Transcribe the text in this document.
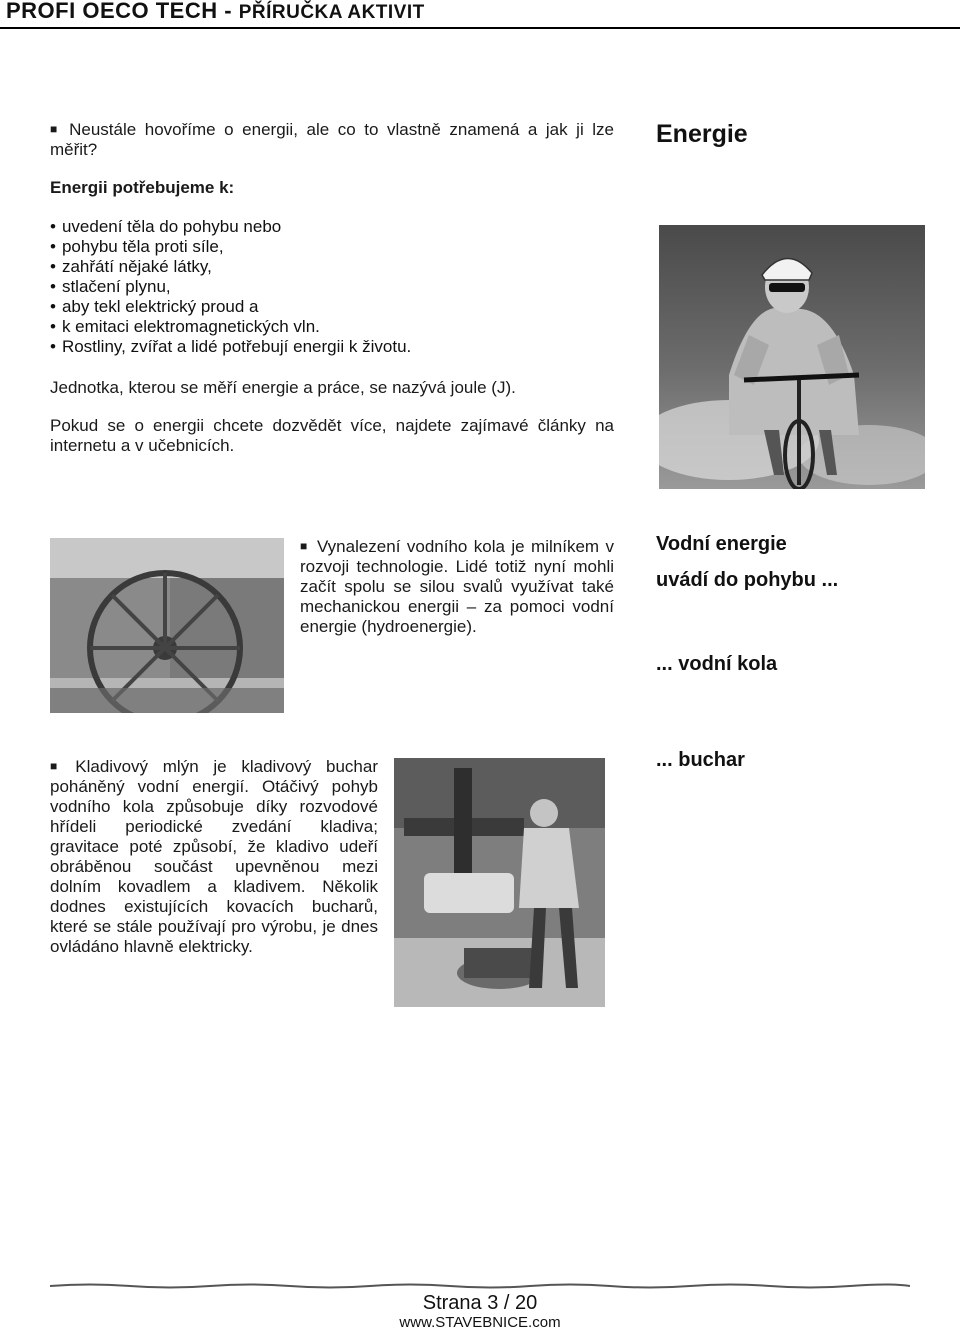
PROFI OECO TECH - PŘÍRUČKA AKTIVIT
■ Neustále hovoříme o energii, ale co to vlastně znamená a jak ji lze měřit?
Energie
Energii potřebujeme k:
• uvedení těla do pohybu nebo
• pohybu těla proti síle,
• zahřátí nějaké látky,
• stlačení plynu,
• aby tekl elektrický proud a
• k emitaci elektromagnetických vln.
• Rostliny, zvířat a lidé potřebují energii k životu.
Jednotka, kterou se měří energie a práce, se nazývá joule (J).
Pokud se o energii chcete dozvědět více, najdete zajímavé články na internetu a v učebnicích.
■ Vynalezení vodního kola je milníkem v rozvoji technologie. Lidé totiž nyní mohli začít spolu se silou svalů využívat také mechanickou energii – za pomoci vodní energie (hydroenergie).
Vodní energie
uvádí do pohybu ...
... vodní kola
■ Kladivový mlýn je kladivový buchar poháněný vodní energií. Otáčivý pohyb vodního kola způsobuje díky rozvodové hřídeli periodické zvedání kladiva; gravitace poté způsobí, že kladivo udeří obráběnou součást upevněnou mezi dolním kovadlem a kladivem. Několik dodnes existujících kovacích bucharů, které se stále používají pro výrobu, je dnes ovládáno hlavně elektricky.
... buchar
Strana 3 / 20
www.STAVEBNICE.com
